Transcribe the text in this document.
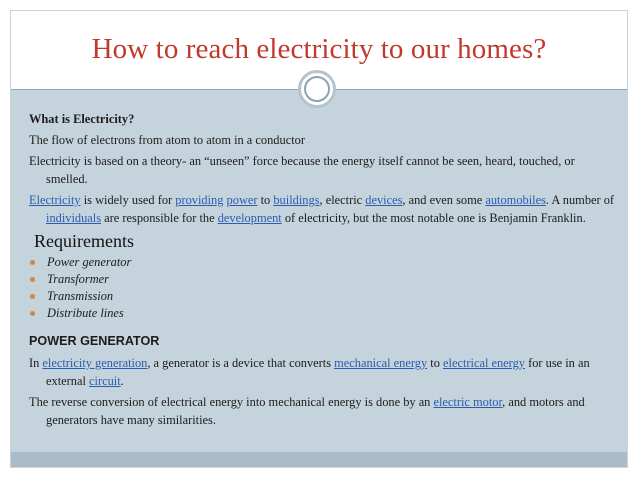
How to reach electricity to our homes?

What is Electricity?

The flow of electrons from atom to atom in a conductor

Electricity is based on a theory- an “unseen” force because the energy itself cannot be seen, heard, touched, or smelled.

Electricity is widely used for providing power to buildings, electric devices, and even some automobiles. A number of individuals are responsible for the development of electricity, but the most notable one is Benjamin Franklin.

Requirements

Power generator
Transformer
Transmission
Distribute lines

POWER GENERATOR

In electricity generation, a generator is a device that converts mechanical energy to electrical energy for use in an external circuit.

The reverse conversion of electrical energy into mechanical energy is done by an electric motor, and motors and generators have many similarities.
